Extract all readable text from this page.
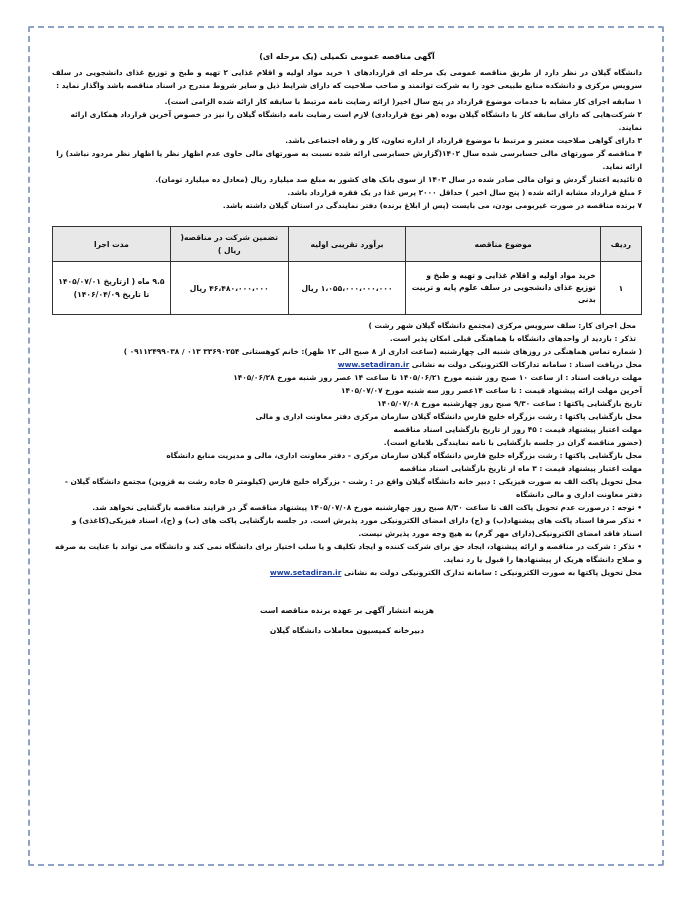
آگهی مناقصه عمومی تکمیلی (یک مرحله ای)

دانشگاه گیلان در نظر دارد از طریق مناقصه عمومی یک مرحله ای قراردادهای ۱ خرید مواد اولیه و اقلام غذایی ۲ تهیه و طبخ و توزیع غذای دانشجویی در سلف سرویس مرکزی و دانشکده منابع طبیعی خود را به شرکت توانمند و صاحب صلاحیت که دارای شرایط ذیل و سایر شروط مندرج در اسناد مناقصه باشد واگذار نماید :

۱ سابقه اجرای کار مشابه با خدمات موضوع قرارداد در پنج سال اخیر( ارائه رضایت نامه مرتبط با سابقه کار ارائه شده الزامی است).

۲ شرکت‌هایی که دارای سابقه کار با دانشگاه گیلان بوده (هر نوع قراردادی) لازم است رضایت نامه دانشگاه گیلان را نیز در خصوص آخرین قرارداد همکاری ارائه نمایند.

۳ دارای گواهی صلاحیت معتبر و مرتبط با موضوع قرارداد از اداره تعاون، کار و رفاه اجتماعی باشد.

۴ مناقصه گر صورتهای مالی حسابرسی شده سال ۱۴۰۲(گزارش حسابرسی ارائه شده نسبت به صورتهای مالی حاوی عدم اظهار نظر یا اظهار نظر مردود نباشد) را ارائه نماید.

۵ تائیدیه اعتبار گردش و توان مالی صادر شده در سال ۱۴۰۳ از سوی بانک های کشور به مبلغ صد میلیارد ریال (معادل ده میلیارد تومان).

۶ مبلغ قرارداد مشابه ارائه شده ( پنج سال اخیر ) حداقل ۲۰۰۰ پرس غذا در یک فقره قرارداد باشد.

۷ برنده مناقصه در صورت غیربومی بودن، می بایست (پس از ابلاغ برنده) دفتر نمایندگی در استان گیلان داشته باشد.

ردیف	موضوع مناقصه	برآورد تقریبی اولیه	تضمین شرکت در مناقصه( ریال )	مدت اجرا
۱	خرید مواد اولیه و اقلام غذایی و تهیه و طبخ و توزیع غذای دانشجویی در سلف علوم پایه و تربیت بدنی	۱،۰۵۵،۰۰۰،۰۰۰،۰۰۰ ریال	۴۶،۴۸۰،۰۰۰،۰۰۰ ریال	۹.۵ ماه ( ازتاریخ ۱۴۰۵/۰۷/۰۱ تا تاریخ ۱۴۰۶/۰۴/۰۹)

محل اجرای کار: سلف سرویس مرکزی (مجتمع دانشگاه گیلان شهر رشت )

تذکر : بازدید از واحدهای دانشگاه با هماهنگی قبلی امکان پذیر است.

( شماره تماس هماهنگی در روزهای شنبه الی چهارشنبه (ساعت اداری از ۸ صبح الی ۱۲ ظهر): خانم کوهستانی ۳۳۶۹۰۲۵۴ ۰۱۳ / ۰۹۱۱۲۴۹۹۰۳۸ )

محل دریافت اسناد : سامانه تدارکات الکترونیکی دولت به نشانی www.setadiran.ir

مهلت دریافت اسناد : از ساعت ۱۰ صبح روز شنبه مورخ ۱۴۰۵/۰۶/۲۱ تا ساعت ۱۴ عصر روز شنبه مورخ ۱۴۰۵/۰۶/۲۸

آخرین مهلت ارائه پیشنهاد قیمت : تا ساعت ۱۴عصر روز سه شنبه مورخ ۱۴۰۵/۰۷/۰۷

تاریخ بازگشایی پاکتها : ساعت ۹/۳۰ صبح روز چهارشنبه مورخ ۱۴۰۵/۰۷/۰۸

محل بازگشایی پاکتها : رشت بزرگراه خلیج فارس دانشگاه گیلان سازمان مرکزی دفتر معاونت اداری و مالی

مهلت اعتبار پیشنهاد قیمت : ۴۵ روز از تاریخ بازگشایی اسناد مناقصه

(حضور مناقصه گران در جلسه بازگشایی با نامه نمایندگی بلامانع است).

محل بازگشایی پاکتها : رشت بزرگراه خلیج فارس دانشگاه گیلان سازمان مرکزی - دفتر معاونت اداری، مالی و مدیریت منابع دانشگاه

مهلت اعتبار پیشنهاد قیمت : ۳ ماه از تاریخ بازگشایی اسناد مناقصه

محل تحویل پاکت الف به صورت فیزیکی : دبیر خانه دانشگاه گیلان واقع در : رشت - بزرگراه خلیج فارس (کیلومتر ۵ جاده رشت به قزوین) مجتمع دانشگاه گیلان - دفتر معاونت اداری و مالی دانشگاه

• توجه : درصورت عدم تحویل پاکت الف تا ساعت ۸/۳۰ صبح روز چهارشنبه مورخ ۱۴۰۵/۰۷/۰۸ پیشنهاد مناقصه گر در فرایند مناقصه بازگشایی نخواهد شد.

• تذکر صرفا اسناد پاکت های پیشنهاد(ب) و (ج) دارای امضای الکترونیکی مورد پذیرش است. در جلسه بازگشایی پاکت های (ب) و (ج)، اسناد فیزیکی(کاغذی) و اسناد فاقد امضای الکترونیکی(دارای مهر گرم) به هیچ وجه مورد پذیرش نیست.

• تذکر : شرکت در مناقصه و ارائه پیشنهاد، ایجاد حق برای شرکت کننده و ایجاد تکلیف و یا سلب اختیار برای دانشگاه نمی کند و دانشگاه می تواند با عنایت به صرفه و صلاح دانشگاه هریک از پیشنهادها را قبول یا رد نماید.

محل تحویل پاکتها به صورت الکترونیکی : سامانه تدارک الکترونیکی دولت به نشانی www.setadiran.ir

هزینه انتشار آگهی بر عهده برنده مناقصه است

دبیرخانه کمیسیون معاملات دانشگاه گیلان
